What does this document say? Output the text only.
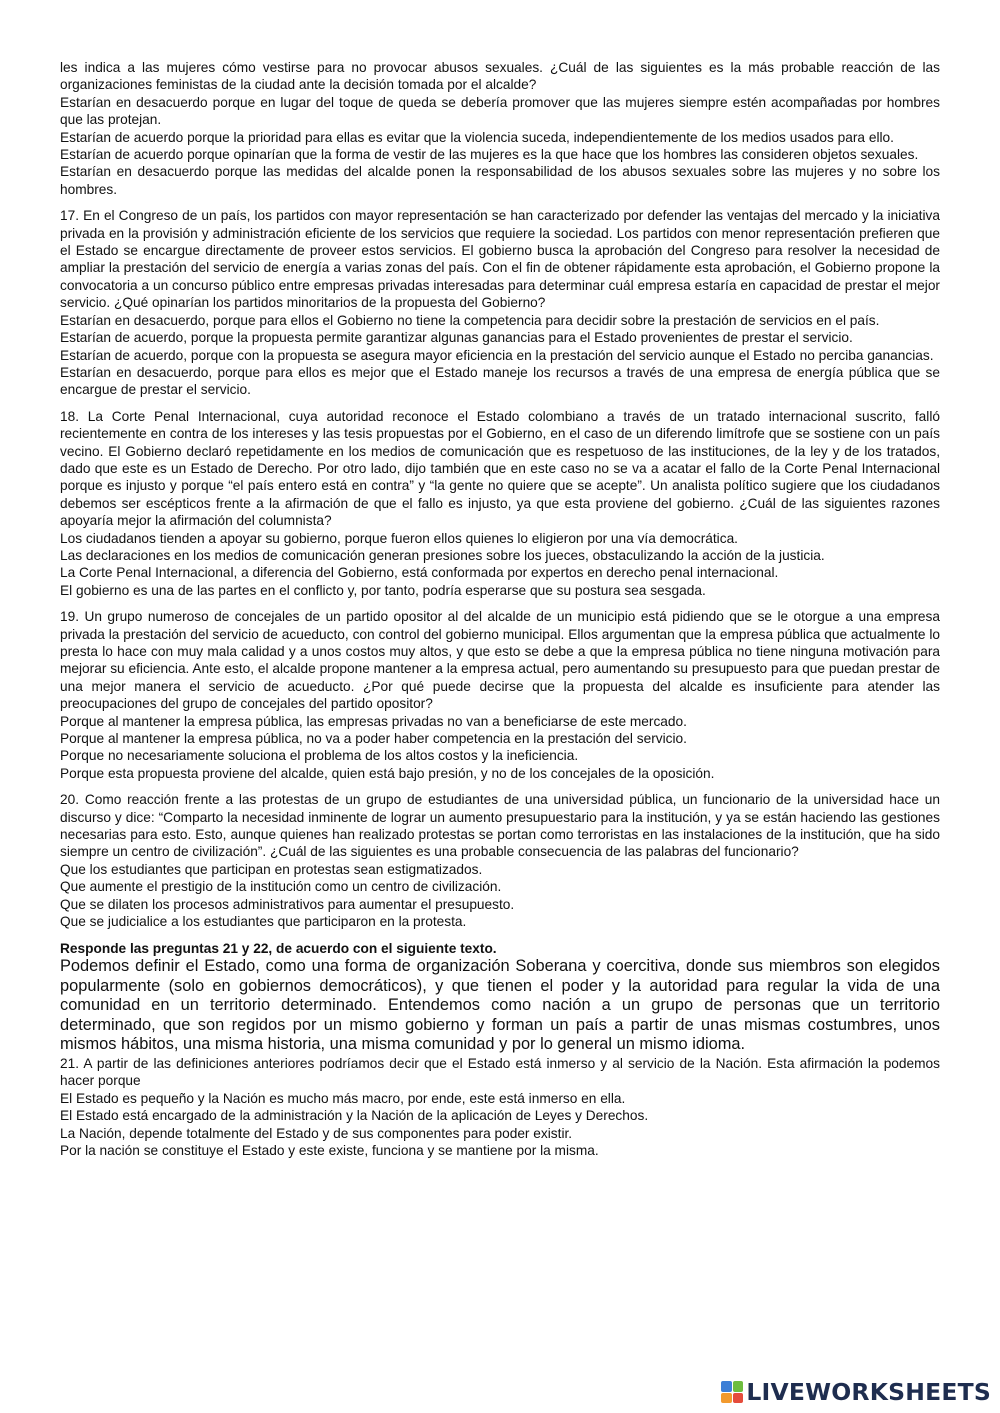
les indica a las mujeres cómo vestirse para no provocar abusos sexuales. ¿Cuál de las siguientes es la más probable reacción de las organizaciones feministas de la ciudad ante la decisión tomada por el alcalde?

Estarían en desacuerdo porque en lugar del toque de queda se debería promover que las mujeres siempre estén acompañadas por hombres que las protejan.
Estarían de acuerdo porque la prioridad para ellas es evitar que la violencia suceda, independientemente de los medios usados para ello.
Estarían de acuerdo porque opinarían que la forma de vestir de las mujeres es la que hace que los hombres las consideren objetos sexuales.
Estarían en desacuerdo porque las medidas del alcalde ponen la responsabilidad de los abusos sexuales sobre las mujeres y no sobre los hombres.

17. En el Congreso de un país, los partidos con mayor representación se han caracterizado por defender las ventajas del mercado y la iniciativa privada en la provisión y administración eficiente de los servicios que requiere la sociedad. Los partidos con menor representación prefieren que el Estado se encargue directamente de proveer estos servicios. El gobierno busca la aprobación del Congreso para resolver la necesidad de ampliar la prestación del servicio de energía a varias zonas del país. Con el fin de obtener rápidamente esta aprobación, el Gobierno propone la convocatoria a un concurso público entre empresas privadas interesadas para determinar cuál empresa estaría en capacidad de prestar el mejor servicio. ¿Qué opinarían los partidos minoritarios de la propuesta del Gobierno?

Estarían en desacuerdo, porque para ellos el Gobierno no tiene la competencia para decidir sobre la prestación de servicios en el país.
Estarían de acuerdo, porque la propuesta permite garantizar algunas ganancias para el Estado provenientes de prestar el servicio.
Estarían de acuerdo, porque con la propuesta se asegura mayor eficiencia en la prestación del servicio aunque el Estado no perciba ganancias.
Estarían en desacuerdo, porque para ellos es mejor que el Estado maneje los recursos a través de una empresa de energía pública que se encargue de prestar el servicio.

18. La Corte Penal Internacional, cuya autoridad reconoce el Estado colombiano a través de un tratado internacional suscrito, falló recientemente en contra de los intereses y las tesis propuestas por el Gobierno, en el caso de un diferendo limítrofe que se sostiene con un país vecino. El Gobierno declaró repetidamente en los medios de comunicación que es respetuoso de las instituciones, de la ley y de los tratados, dado que este es un Estado de Derecho. Por otro lado, dijo también que en este caso no se va a acatar el fallo de la Corte Penal Internacional porque es injusto y porque “el país entero está en contra” y “la gente no quiere que se acepte”. Un analista político sugiere que los ciudadanos debemos ser escépticos frente a la afirmación de que el fallo es injusto, ya que esta proviene del gobierno. ¿Cuál de las siguientes razones apoyaría mejor la afirmación del columnista?

Los ciudadanos tienden a apoyar su gobierno, porque fueron ellos quienes lo eligieron por una vía democrática.
Las declaraciones en los medios de comunicación generan presiones sobre los jueces, obstaculizando la acción de la justicia.
La Corte Penal Internacional, a diferencia del Gobierno, está conformada por expertos en derecho penal internacional.
El gobierno es una de las partes en el conflicto y, por tanto, podría esperarse que su postura sea sesgada.

19. Un grupo numeroso de concejales de un partido opositor al del alcalde de un municipio está pidiendo que se le otorgue a una empresa privada la prestación del servicio de acueducto, con control del gobierno municipal. Ellos argumentan que la empresa pública que actualmente lo presta lo hace con muy mala calidad y a unos costos muy altos, y que esto se debe a que la empresa pública no tiene ninguna motivación para mejorar su eficiencia. Ante esto, el alcalde propone mantener a la empresa actual, pero aumentando su presupuesto para que puedan prestar de una mejor manera el servicio de acueducto. ¿Por qué puede decirse que la propuesta del alcalde es insuficiente para atender las preocupaciones del grupo de concejales del partido opositor?

Porque al mantener la empresa pública, las empresas privadas no van a beneficiarse de este mercado.
Porque al mantener la empresa pública, no va a poder haber competencia en la prestación del servicio.
Porque no necesariamente soluciona el problema de los altos costos y la ineficiencia.
Porque esta propuesta proviene del alcalde, quien está bajo presión, y no de los concejales de la oposición.

20. Como reacción frente a las protestas de un grupo de estudiantes de una universidad pública, un funcionario de la universidad hace un discurso y dice: “Comparto la necesidad inminente de lograr un aumento presupuestario para la institución, y ya se están haciendo las gestiones necesarias para esto. Esto, aunque quienes han realizado protestas se portan como terroristas en las instalaciones de la institución, que ha sido siempre un centro de civilización”. ¿Cuál de las siguientes es una probable consecuencia de las palabras del funcionario?

Que los estudiantes que participan en protestas sean estigmatizados.
Que aumente el prestigio de la institución como un centro de civilización.
Que se dilaten los procesos administrativos para aumentar el presupuesto.
Que se judicialice a los estudiantes que participaron en la protesta.

Responde las preguntas 21 y 22, de acuerdo con el siguiente texto.

Podemos definir el Estado, como una forma de organización Soberana y coercitiva, donde sus miembros son elegidos popularmente (solo en gobiernos democráticos), y que tienen el poder y la autoridad para regular la vida de una comunidad en un territorio determinado. Entendemos como nación a un grupo de personas que un territorio determinado, que son regidos por un mismo gobierno y forman un país a partir de unas mismas costumbres, unos mismos hábitos, una misma historia, una misma comunidad y por lo general un mismo idioma.

21. A partir de las definiciones anteriores podríamos decir que el Estado está inmerso y al servicio de la Nación. Esta afirmación la podemos hacer porque

El Estado es pequeño y la Nación es mucho más macro, por ende, este está inmerso en ella.
El Estado está encargado de la administración y la Nación de la aplicación de Leyes y Derechos.
La Nación, depende totalmente del Estado y de sus componentes para poder existir.
Por la nación se constituye el Estado y este existe, funciona y se mantiene por la misma.
LIVEWORKSHEETS
